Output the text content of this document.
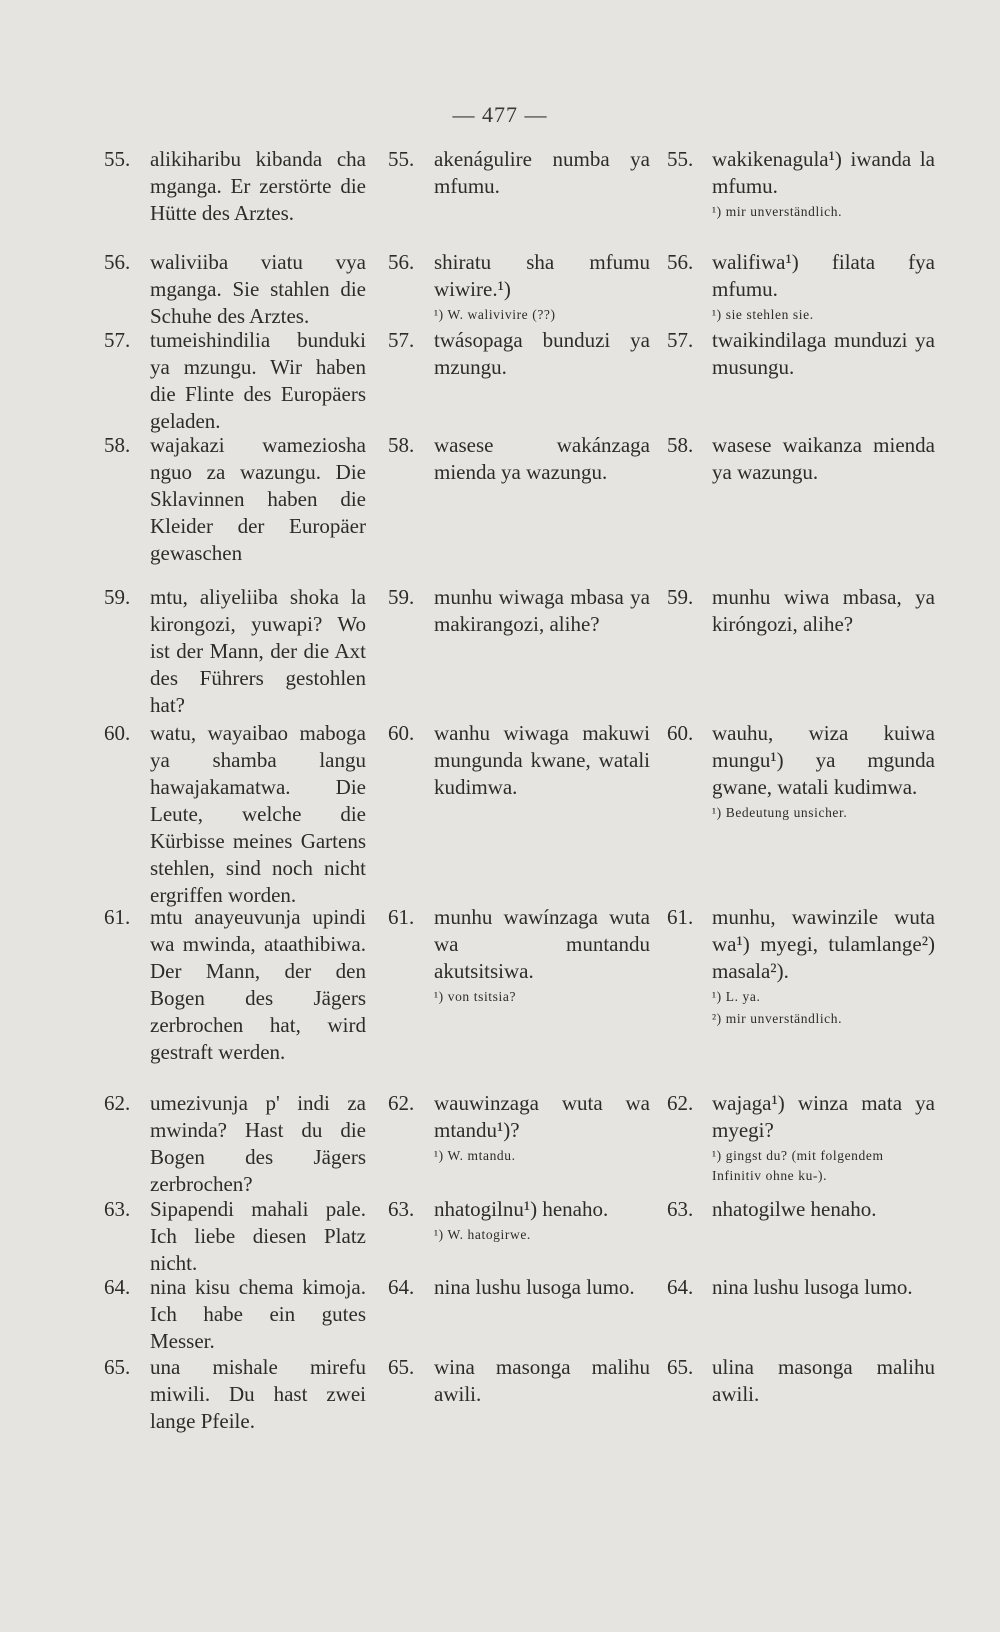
— 477 —
55. alikiharibu kibanda cha mganga. Er zerstörte die Hütte des Arztes.
56. waliviiba viatu vya mganga. Sie stahlen die Schuhe des Arztes.
57. tumeishindilia bunduki ya mzungu. Wir haben die Flinte des Europäers geladen.
58. wajakazi wameziosha nguo za wazungu. Die Sklavinnen haben die Kleider der Europäer gewaschen
59. mtu, aliyeliiba shoka la kirongozi, yuwapi? Wo ist der Mann, der die Axt des Führers gestohlen hat?
60. watu, wayaibao maboga ya shamba langu hawajakamatwa. Die Leute, welche die Kürbisse meines Gartens stehlen, sind noch nicht ergriffen worden.
61. mtu anayeuvunja upindi wa mwinda, ataathibiwa. Der Mann, der den Bogen des Jägers zerbrochen hat, wird gestraft werden.
62. umezivunja p' indi za mwinda? Hast du die Bogen des Jägers zerbrochen?
63. Sipapendi mahali pale. Ich liebe diesen Platz nicht.
64. nina kisu chema kimoja. Ich habe ein gutes Messer.
65. una mishale mirefu miwili. Du hast zwei lange Pfeile.
55. akenágulire numba ya mfumu.
56. shiratu sha mfumu wiwire.¹)
¹) W. walivivire (??)
57. twásopaga bunduzi ya mzungu.
58. wasese wakánzaga mienda ya wazungu.
59. munhu wiwaga mbasa ya makirangozi, alihe?
60. wanhu wiwaga makuwi mungunda kwane, watali kudimwa.
61. munhu wawínzaga wuta wa muntandu akutsitsiwa.
¹) von tsitsia?
62. wauwinzaga wuta wa mtandu¹)?
¹) W. mtandu.
63. nhatogilnu¹) henaho.
¹) W. hatogirwe.
64. nina lushu lusoga lumo.
65. wina masonga malihu awili.
55. wakikenagula¹) iwanda la mfumu.
¹) mir unverständlich.
56. walifiwa¹) filata fya mfumu.
¹) sie stehlen sie.
57. twaikindilaga munduzi ya musungu.
58. wasese waikanza mienda ya wazungu.
59. munhu wiwa mbasa, ya kiróngozi, alihe?
60. wauhu, wiza kuiwa mungu¹) ya mgunda gwane, watali kudimwa.
¹) Bedeutung unsicher.
61. munhu, wawinzile wuta wa¹) myegi, tulamlange²) masala²).
¹) L. ya.
²) mir unverständlich.
62. wajaga¹) winza mata ya myegi?
¹) gingst du? (mit folgendem Infinitiv ohne ku-).
63. nhatogilwe henaho.
64. nina lushu lusoga lumo.
65. ulina masonga malihu awili.
